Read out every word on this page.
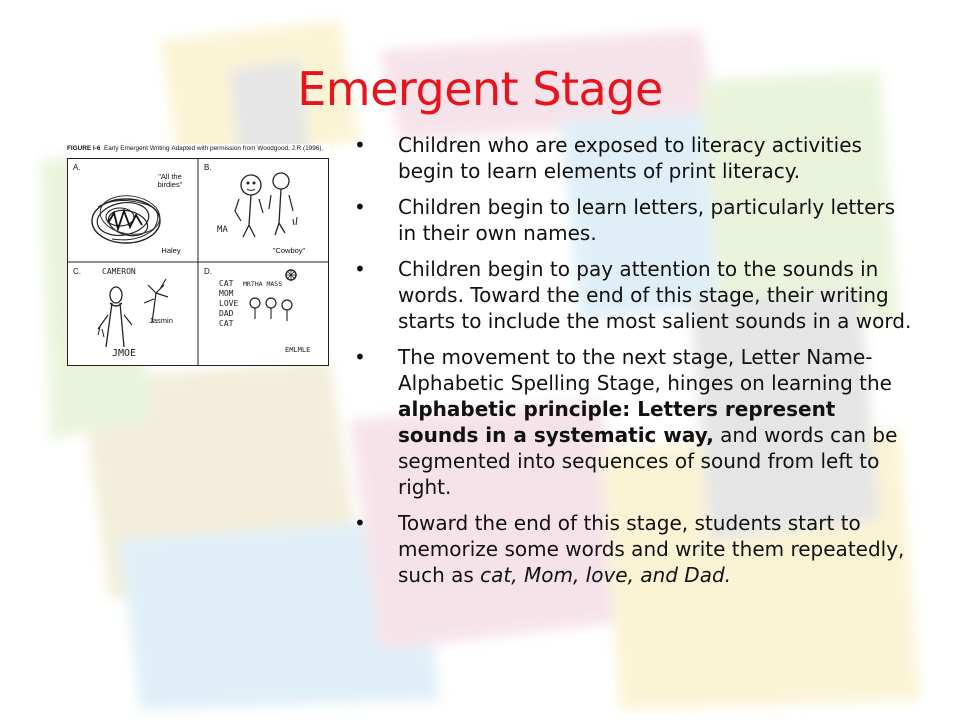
Emergent Stage
FIGURE I-6 Early Emergent Writing Adapted with permission from Woodgood, J.R (1996).
A.
"All the birdies"
Haley
B.
MA
"Cowboy"
C.	CAMERON
Jasmin
JMOE
D.
CAT
MOM
LOVE
DAD
CAT
MRTHA MASS
EMLMLE
• Children who are exposed to literacy activities begin to learn elements of print literacy.
• Children begin to learn letters, particularly letters in their own names.
• Children begin to pay attention to the sounds in words. Toward the end of this stage, their writing starts to include the most salient sounds in a word.
• The movement to the next stage, Letter Name-Alphabetic Spelling Stage, hinges on learning the alphabetic principle: Letters represent sounds in a systematic way, and words can be segmented into sequences of sound from left to right.
• Toward the end of this stage, students start to memorize some words and write them repeatedly, such as cat, Mom, love, and Dad.
